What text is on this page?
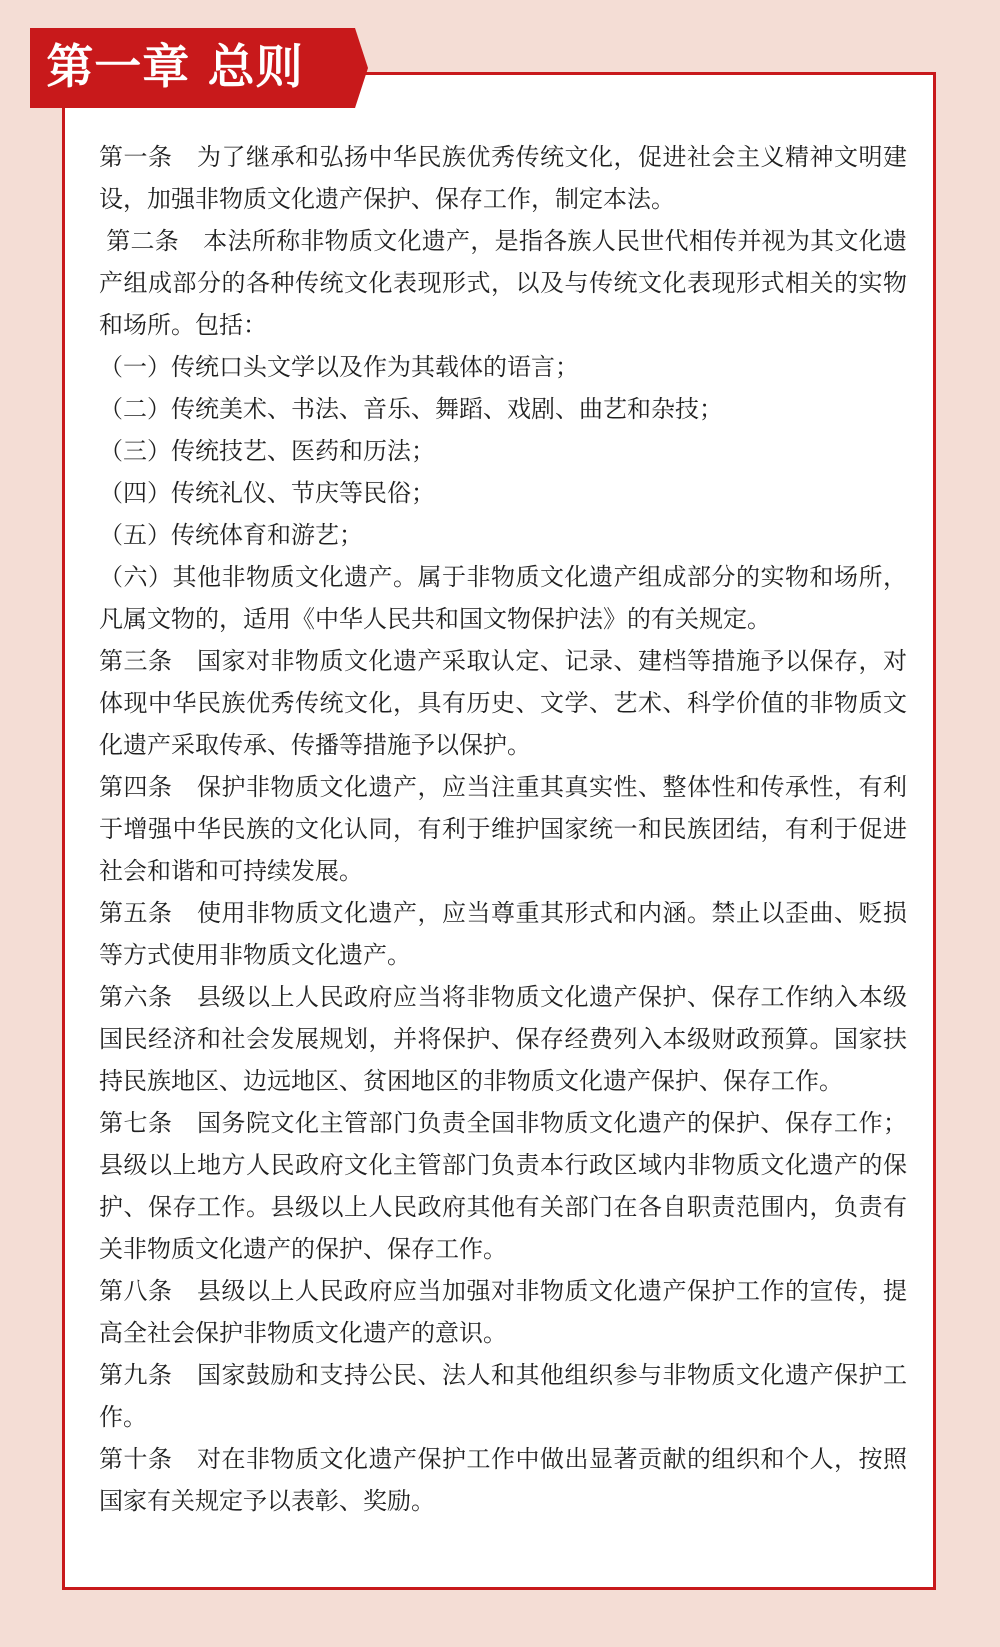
第一章 总则

第一条　为了继承和弘扬中华民族优秀传统文化，促进社会主义精神文明建设，加强非物质文化遗产保护、保存工作，制定本法。

第二条　本法所称非物质文化遗产，是指各族人民世代相传并视为其文化遗产组成部分的各种传统文化表现形式，以及与传统文化表现形式相关的实物和场所。包括：

（一）传统口头文学以及作为其载体的语言；

（二）传统美术、书法、音乐、舞蹈、戏剧、曲艺和杂技；

（三）传统技艺、医药和历法；

（四）传统礼仪、节庆等民俗；

（五）传统体育和游艺；

（六）其他非物质文化遗产。属于非物质文化遗产组成部分的实物和场所，凡属文物的，适用《中华人民共和国文物保护法》的有关规定。

第三条　国家对非物质文化遗产采取认定、记录、建档等措施予以保存，对体现中华民族优秀传统文化，具有历史、文学、艺术、科学价值的非物质文化遗产采取传承、传播等措施予以保护。

第四条　保护非物质文化遗产，应当注重其真实性、整体性和传承性，有利于增强中华民族的文化认同，有利于维护国家统一和民族团结，有利于促进社会和谐和可持续发展。

第五条　使用非物质文化遗产，应当尊重其形式和内涵。禁止以歪曲、贬损等方式使用非物质文化遗产。

第六条　县级以上人民政府应当将非物质文化遗产保护、保存工作纳入本级国民经济和社会发展规划，并将保护、保存经费列入本级财政预算。国家扶持民族地区、边远地区、贫困地区的非物质文化遗产保护、保存工作。

第七条　国务院文化主管部门负责全国非物质文化遗产的保护、保存工作；县级以上地方人民政府文化主管部门负责本行政区域内非物质文化遗产的保护、保存工作。县级以上人民政府其他有关部门在各自职责范围内，负责有关非物质文化遗产的保护、保存工作。

第八条　县级以上人民政府应当加强对非物质文化遗产保护工作的宣传，提高全社会保护非物质文化遗产的意识。

第九条　国家鼓励和支持公民、法人和其他组织参与非物质文化遗产保护工作。

第十条　对在非物质文化遗产保护工作中做出显著贡献的组织和个人，按照国家有关规定予以表彰、奖励。
